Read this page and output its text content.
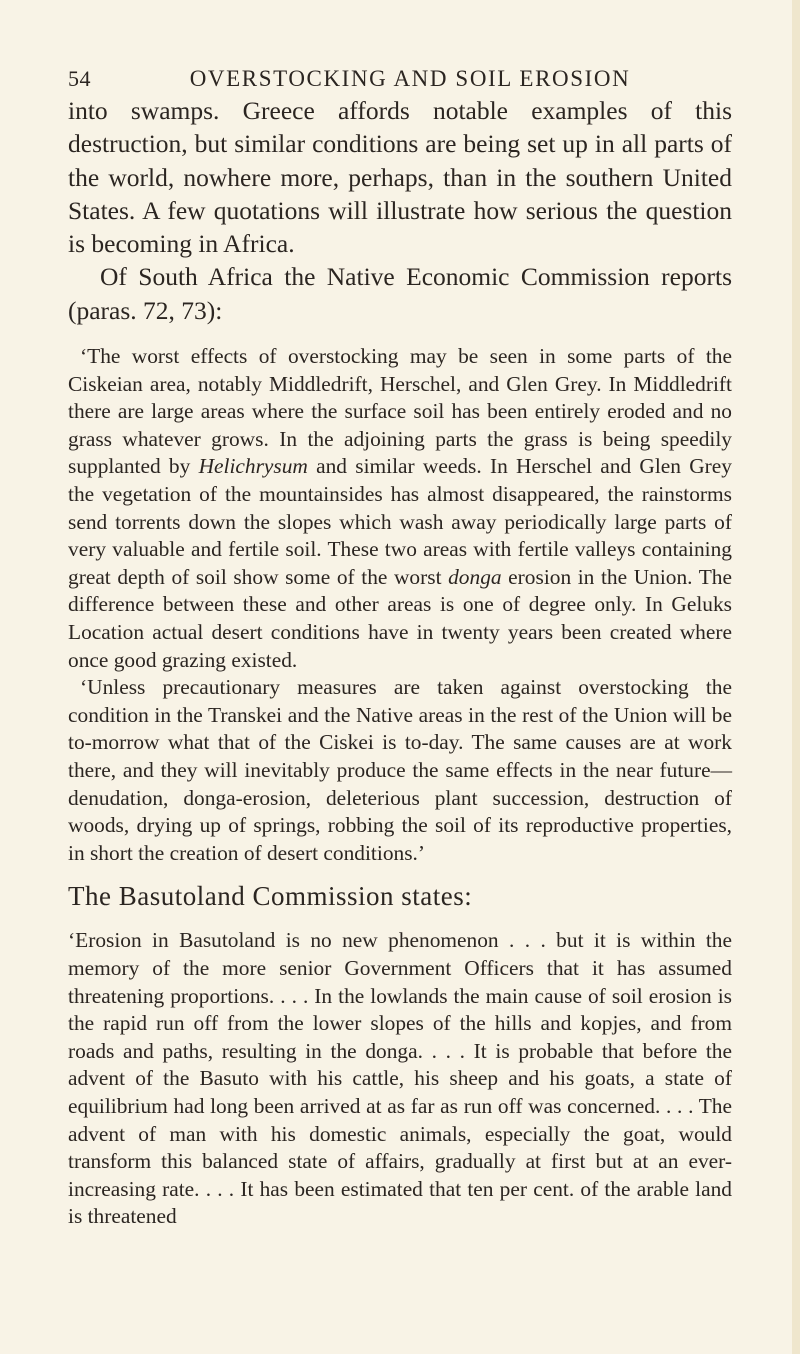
54	OVERSTOCKING AND SOIL EROSION

into swamps. Greece affords notable examples of this destruction, but similar conditions are being set up in all parts of the world, nowhere more, perhaps, than in the southern United States. A few quotations will illustrate how serious the question is becoming in Africa.

Of South Africa the Native Economic Commission reports (paras. 72, 73):

‘The worst effects of overstocking may be seen in some parts of the Ciskeian area, notably Middledrift, Herschel, and Glen Grey. In Middledrift there are large areas where the surface soil has been entirely eroded and no grass whatever grows. In the adjoining parts the grass is being speedily supplanted by Helichrysum and similar weeds. In Herschel and Glen Grey the vegetation of the mountainsides has almost disappeared, the rainstorms send torrents down the slopes which wash away periodically large parts of very valuable and fertile soil. These two areas with fertile valleys containing great depth of soil show some of the worst donga erosion in the Union. The difference between these and other areas is one of degree only. In Geluks Location actual desert conditions have in twenty years been created where once good grazing existed.

‘Unless precautionary measures are taken against overstocking the condition in the Transkei and the Native areas in the rest of the Union will be to-morrow what that of the Ciskei is to-day. The same causes are at work there, and they will inevitably produce the same effects in the near future—denudation, donga-erosion, deleterious plant succession, destruction of woods, drying up of springs, robbing the soil of its reproductive properties, in short the creation of desert conditions.’

The Basutoland Commission states:

‘Erosion in Basutoland is no new phenomenon . . . but it is within the memory of the more senior Government Officers that it has assumed threatening proportions. . . . In the lowlands the main cause of soil erosion is the rapid run off from the lower slopes of the hills and kopjes, and from roads and paths, resulting in the donga. . . . It is probable that before the advent of the Basuto with his cattle, his sheep and his goats, a state of equilibrium had long been arrived at as far as run off was concerned. . . . The advent of man with his domestic animals, especially the goat, would transform this balanced state of affairs, gradually at first but at an ever-increasing rate. . . . It has been estimated that ten per cent. of the arable land is threatened
